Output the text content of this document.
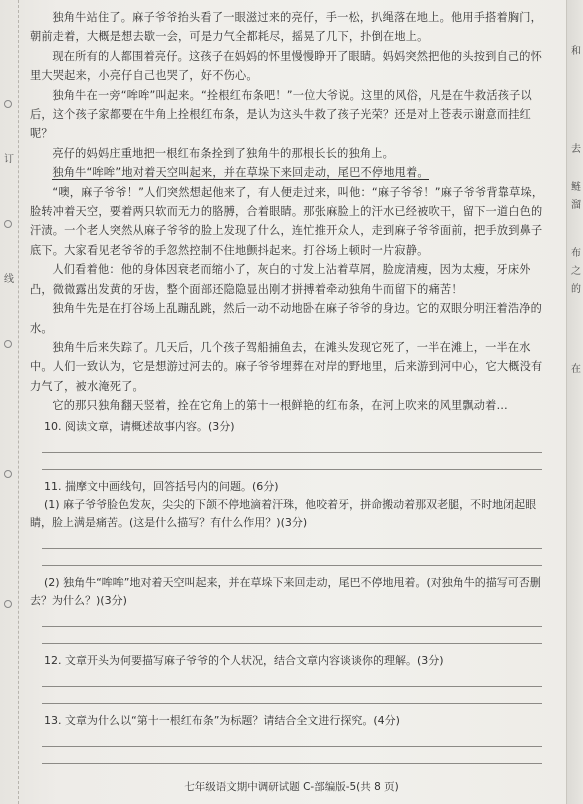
订
线
和
去
鲢
溜
布
之
的
在

独角牛站住了。麻子爷爷抬头看了一眼滋过来的亮仔，手一松，扒绳落在地上。他用手搭着胸门，朝前走着，大概是想去歇一会，可是力气全都耗尽，摇晃了几下，扑倒在地上。

现在所有的人都围着亮仔。这孩子在妈妈的怀里慢慢睁开了眼睛。妈妈突然把他的头按到自己的怀里大哭起来，小亮仔自己也哭了，好不伤心。

独角牛在一旁“哞哞”叫起来。“拴根红布条吧！”一位大爷说。这里的风俗，凡是在牛救活孩子以后，这个孩子家都要在牛角上拴根红布条，是认为这头牛救了孩子光荣？还是对上苍表示谢意而挂红呢？

亮仔的妈妈庄重地把一根红布条拴到了独角牛的那根长长的独角上。

独角牛“哞哞”地对着天空叫起来，并在草垛下来回走动，尾巴不停地甩着。

“噢，麻子爷爷！”人们突然想起他来了，有人便走过来，叫他：“麻子爷爷！”麻子爷爷背靠草垛，脸转冲着天空，要着两只软而无力的胳膊，合着眼睛。那张麻脸上的汗水已经被吹干，留下一道白色的汗渍。一个老人突然从麻子爷爷的脸上发现了什么，连忙推开众人，走到麻子爷爷面前，把手放到鼻子底下。大家看见老爷爷的手忽然控制不住地颤抖起来。打谷场上顿时一片寂静。

人们看着他：他的身体因衰老而缩小了，灰白的寸发上沾着草屑，脸庞清瘦，因为太瘦，牙床外凸，微微露出发黄的牙齿，整个面部还隐隐显出刚才拼搏着牵动独角牛而留下的痛苦！

独角牛先是在打谷场上乱蹦乱跳，然后一动不动地卧在麻子爷爷的身边。它的双眼分明汪着浩净的水。

独角牛后来失踪了。几天后，几个孩子驾船捕鱼去，在滩头发现它死了，一半在滩上，一半在水中。人们一致认为，它是想游过河去的。麻子爷爷埋葬在对岸的野地里，后来游到河中心，它大概没有力气了，被水淹死了。

它的那只独角翻天竖着，拴在它角上的第十一根鲜艳的红布条，在河上吹来的风里飘动着…

10. 阅读文章，请概述故事内容。(3分)

11. 揣摩文中画线句，回答括号内的问题。(6分)

(1) 麻子爷爷脸色发灰，尖尖的下颌不停地滴着汗珠，他咬着牙，拼命搬动着那双老腿，不时地闭起眼睛，脸上满是痛苦。(这是什么描写？有什么作用？)(3分)

(2) 独角牛“哞哞”地对着天空叫起来，并在草垛下来回走动，尾巴不停地甩着。(对独角牛的描写可否删去？为什么？)(3分)

12. 文章开头为何要描写麻子爷爷的个人状况，结合文章内容谈谈你的理解。(3分)

13. 文章为什么以“第十一根红布条”为标题？请结合全文进行探究。(4分)

七年级语文期中调研试题 C-部编版-5(共 8 页)
